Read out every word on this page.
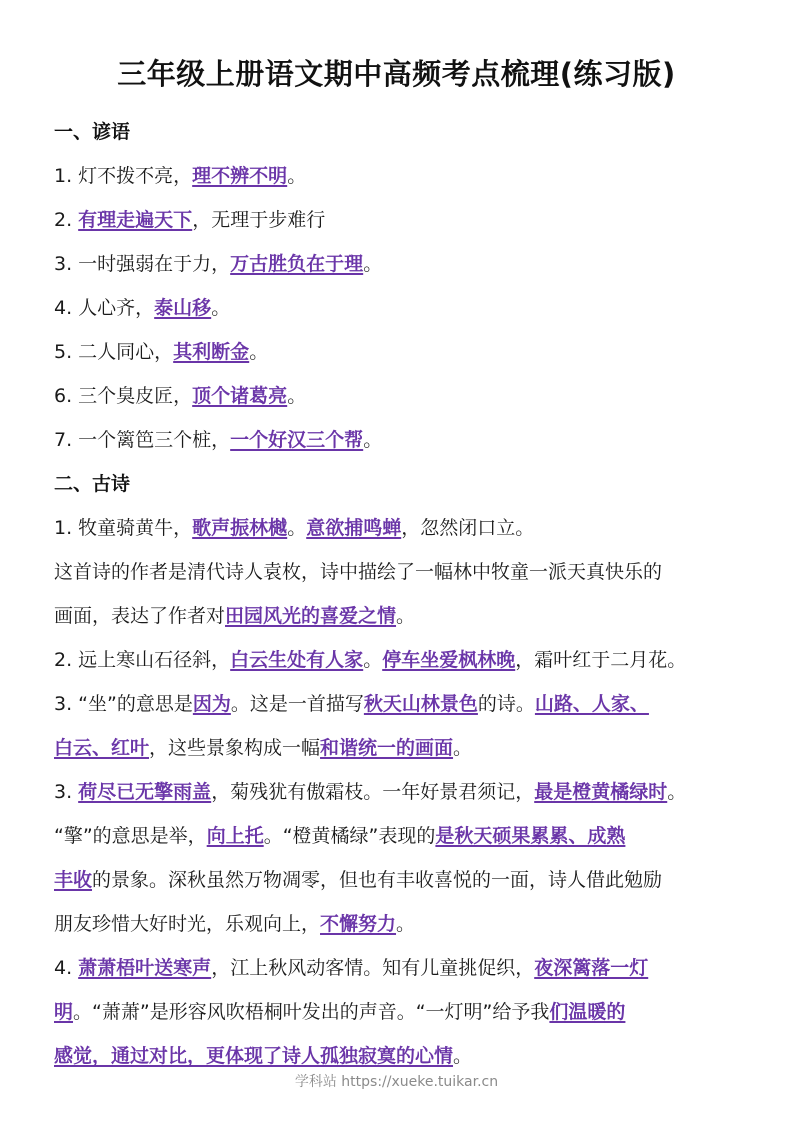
三年级上册语文期中高频考点梳理(练习版)
一、谚语
1. 灯不拨不亮，理不辨不明。
2. 有理走遍天下，无理于步难行
3. 一时强弱在于力，万古胜负在于理。
4. 人心齐，泰山移。
5. 二人同心，其利断金。
6. 三个臭皮匠，顶个诸葛亮。
7. 一个篱笆三个桩，一个好汉三个帮。
二、古诗
1. 牧童骑黄牛，歌声振林樾。意欲捕鸣蝉，忽然闭口立。
这首诗的作者是清代诗人袁枚，诗中描绘了一幅林中牧童一派天真快乐的
画面，表达了作者对田园风光的喜爱之情。
2. 远上寒山石径斜，白云生处有人家。停车坐爱枫林晚，霜叶红于二月花。
3. “坐”的意思是因为。这是一首描写秋天山林景色的诗。山路、人家、
白云、红叶，这些景象构成一幅和谐统一的画面。
3. 荷尽已无擎雨盖，菊残犹有傲霜枝。一年好景君须记，最是橙黄橘绿时。
“擎”的意思是举，向上托。“橙黄橘绿”表现的是秋天硕果累累、成熟
丰收的景象。深秋虽然万物凋零，但也有丰收喜悦的一面，诗人借此勉励
朋友珍惜大好时光，乐观向上，不懈努力。
4. 萧萧梧叶送寒声，江上秋风动客情。知有儿童挑促织，夜深篱落一灯
明。“萧萧”是形容风吹梧桐叶发出的声音。“一灯明”给予我们温暖的
感觉，通过对比，更体现了诗人孤独寂寞的心情。
学科站 https://xueke.tuikar.cn
